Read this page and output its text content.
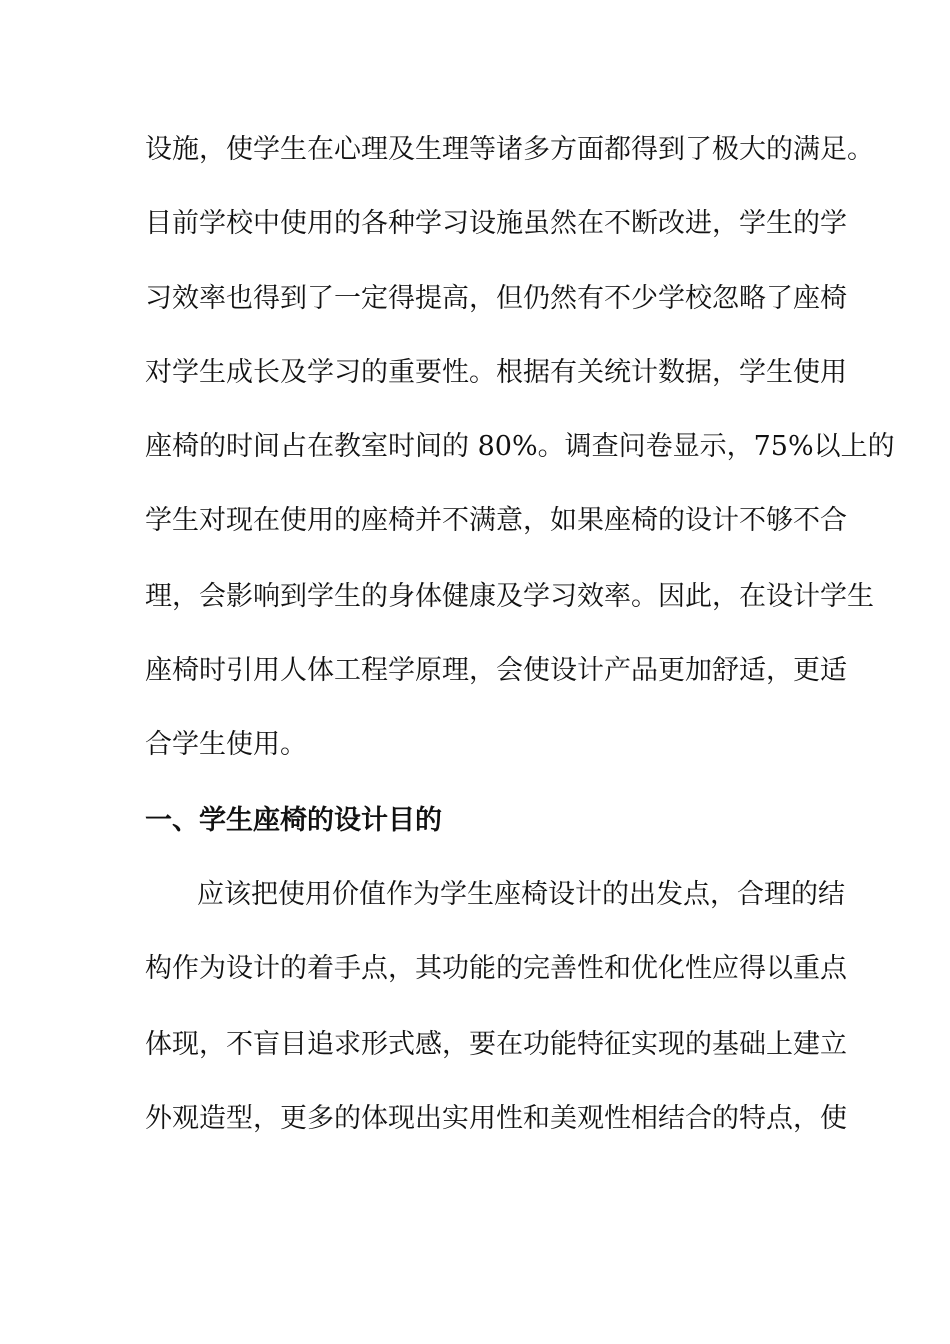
设施，使学生在心理及生理等诸多方面都得到了极大的满足。
目前学校中使用的各种学习设施虽然在不断改进，学生的学
习效率也得到了一定得提高，但仍然有不少学校忽略了座椅
对学生成长及学习的重要性。根据有关统计数据，学生使用
座椅的时间占在教室时间的 80%。调查问卷显示，75%以上的
学生对现在使用的座椅并不满意，如果座椅的设计不够不合
理，会影响到学生的身体健康及学习效率。因此，在设计学生
座椅时引用人体工程学原理，会使设计产品更加舒适，更适
合学生使用。
一、学生座椅的设计目的
应该把使用价值作为学生座椅设计的出发点，合理的结
构作为设计的着手点，其功能的完善性和优化性应得以重点
体现，不盲目追求形式感，要在功能特征实现的基础上建立
外观造型，更多的体现出实用性和美观性相结合的特点，使
